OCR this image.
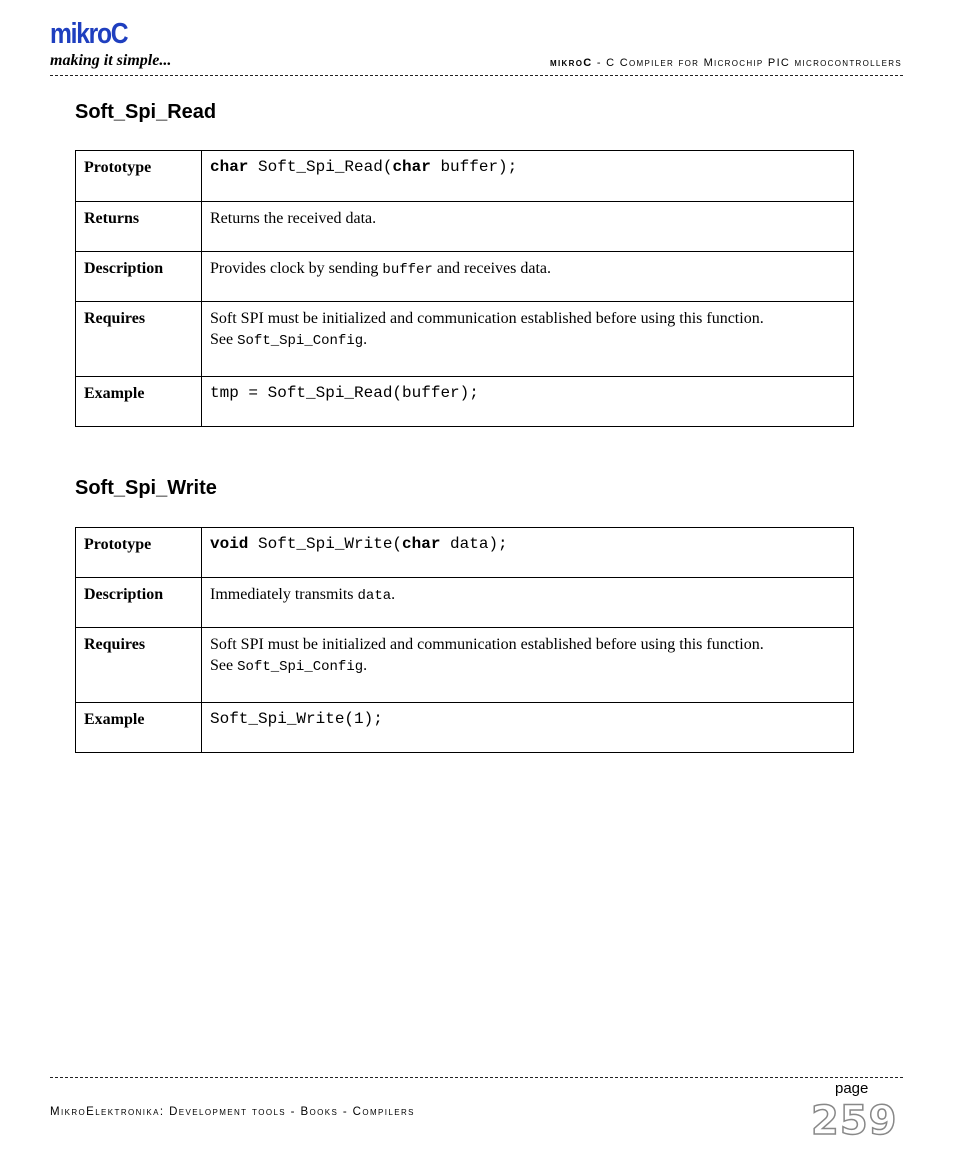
mikroC
making it simple...	mikroC - C Compiler for Microchip PIC microcontrollers
Soft_Spi_Read
Prototype	char Soft_Spi_Read(char buffer);
Returns	Returns the received data.
Description	Provides clock by sending buffer and receives data.
Requires	Soft SPI must be initialized and communication established before using this function.
See Soft_Spi_Config.

Example	tmp = Soft_Spi_Read(buffer);
Soft_Spi_Write
Prototype	void Soft_Spi_Write(char data);
Description	Immediately transmits data.
Requires	Soft SPI must be initialized and communication established before using this function.
See Soft_Spi_Config.

Example	Soft_Spi_Write(1);
MikroElektronika: Development tools - Books - Compilers
page
259
